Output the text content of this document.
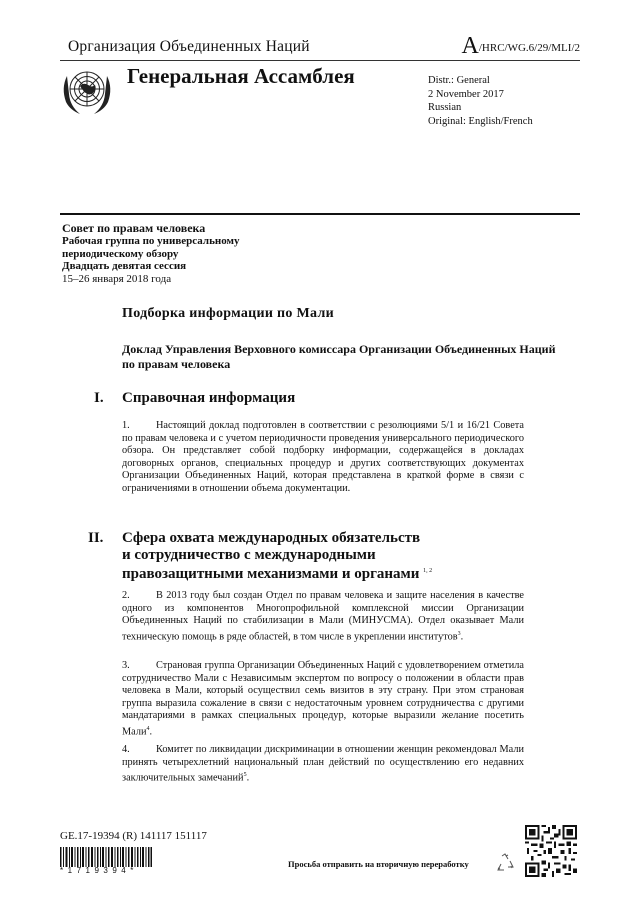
Организация Объединенных Наций	A/HRC/WG.6/29/MLI/2
Генеральная Ассамблея	Distr.: General
2 November 2017
Russian
Original: English/French
Совет по правам человека
Рабочая группа по универсальному
периодическому обзору
Двадцать девятая сессия
15–26 января 2018 года
Подборка информации по Мали
Доклад Управления Верховного комиссара Организации Объединенных Наций по правам человека
I. Справочная информация
1.	Настоящий доклад подготовлен в соответствии с резолюциями 5/1 и 16/21 Совета по правам человека и с учетом периодичности проведения универсального периодического обзора. Он представляет собой подборку информации, содержащейся в докладах договорных органов, специальных процедур и других соответствующих документах Организации Объединенных Наций, которая представлена в краткой форме в связи с ограничениями в отношении объема документации.
II. Сфера охвата международных обязательств
и сотрудничество с международными
правозащитными механизмами и органами $^{1, 2}$
2.	В 2013 году был создан Отдел по правам человека и защите населения в качестве одного из компонентов Многопрофильной комплексной миссии Организации Объединенных Наций по стабилизации в Мали (МИНУСМА). Отдел оказывает Мали техническую помощь в ряде областей, в том числе в укреплении институтов$^3$.
3.	Страновая группа Организации Объединенных Наций с удовлетворением отметила сотрудничество Мали с Независимым экспертом по вопросу о положении в области прав человека в Мали, который осуществил семь визитов в эту страну. При этом страновая группа выразила сожаление в связи с недостаточным уровнем сотрудничества с другими мандатариями в рамках специальных процедур, которые выразили желание посетить Мали$^4$.
4.	Комитет по ликвидации дискриминации в отношении женщин рекомендовал Мали принять четырехлетний национальный план действий по осуществлению его недавних заключительных замечаний$^5$.
GE.17-19394 (R) 141117 151117
*1719394*
Просьба отправить на вторичную переработку
